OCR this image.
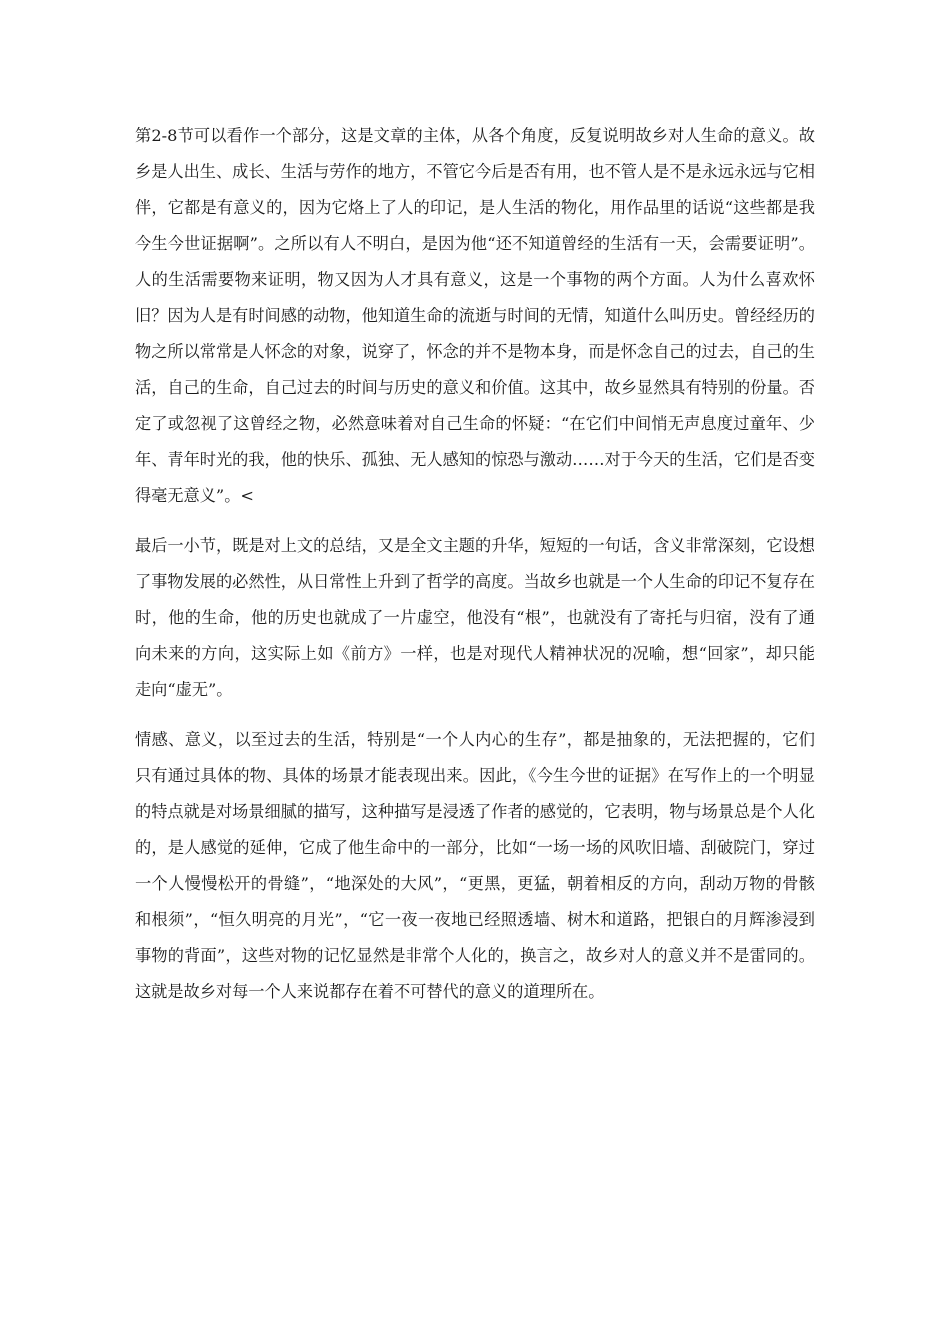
第2-8节可以看作一个部分，这是文章的主体，从各个角度，反复说明故乡对人生命的意义。故乡是人出生、成长、生活与劳作的地方，不管它今后是否有用，也不管人是不是永远永远与它相伴，它都是有意义的，因为它烙上了人的印记，是人生活的物化，用作品里的话说“这些都是我今生今世证据啊”。之所以有人不明白，是因为他“还不知道曾经的生活有一天，会需要证明”。人的生活需要物来证明，物又因为人才具有意义，这是一个事物的两个方面。人为什么喜欢怀旧？因为人是有时间感的动物，他知道生命的流逝与时间的无情，知道什么叫历史。曾经经历的物之所以常常是人怀念的对象，说穿了，怀念的并不是物本身，而是怀念自己的过去，自己的生活，自己的生命，自己过去的时间与历史的意义和价值。这其中，故乡显然具有特别的份量。否定了或忽视了这曾经之物，必然意味着对自己生命的怀疑：“在它们中间悄无声息度过童年、少年、青年时光的我，他的快乐、孤独、无人感知的惊恐与激动……对于今天的生活，它们是否变得毫无意义”。<

最后一小节，既是对上文的总结，又是全文主题的升华，短短的一句话，含义非常深刻，它设想了事物发展的必然性，从日常性上升到了哲学的高度。当故乡也就是一个人生命的印记不复存在时，他的生命，他的历史也就成了一片虚空，他没有“根”，也就没有了寄托与归宿，没有了通向未来的方向，这实际上如《前方》一样，也是对现代人精神状况的况喻，想“回家”，却只能走向“虚无”。

情感、意义，以至过去的生活，特别是“一个人内心的生存”，都是抽象的，无法把握的，它们只有通过具体的物、具体的场景才能表现出来。因此，《今生今世的证据》在写作上的一个明显的特点就是对场景细腻的描写，这种描写是浸透了作者的感觉的，它表明，物与场景总是个人化的，是人感觉的延伸，它成了他生命中的一部分，比如“一场一场的风吹旧墙、刮破院门，穿过一个人慢慢松开的骨缝”，“地深处的大风”，“更黑，更猛，朝着相反的方向，刮动万物的骨骸和根须”，“恒久明亮的月光”，“它一夜一夜地已经照透墙、树木和道路，把银白的月辉渗浸到事物的背面”，这些对物的记忆显然是非常个人化的，换言之，故乡对人的意义并不是雷同的。这就是故乡对每一个人来说都存在着不可替代的意义的道理所在。
